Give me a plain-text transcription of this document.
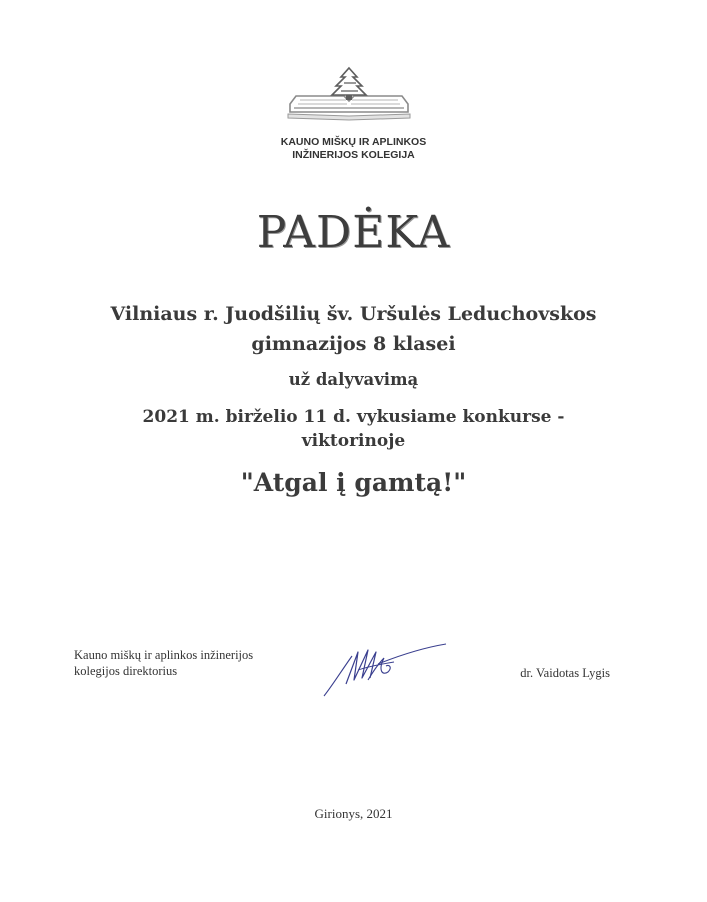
KAUNO MIŠKŲ IR APLINKOS
INŽINERIJOS KOLEGIJA
PADĖKA
Vilniaus r. Juodšilių šv. Uršulės Leduchovskos
gimnazijos 8 klasei
už dalyvavimą
2021 m. birželio 11 d. vykusiame konkurse -
viktorinoje
"Atgal į gamtą!"
Kauno miškų ir aplinkos inžinerijos
kolegijos direktorius	dr. Vaidotas Lygis
Girionys, 2021
